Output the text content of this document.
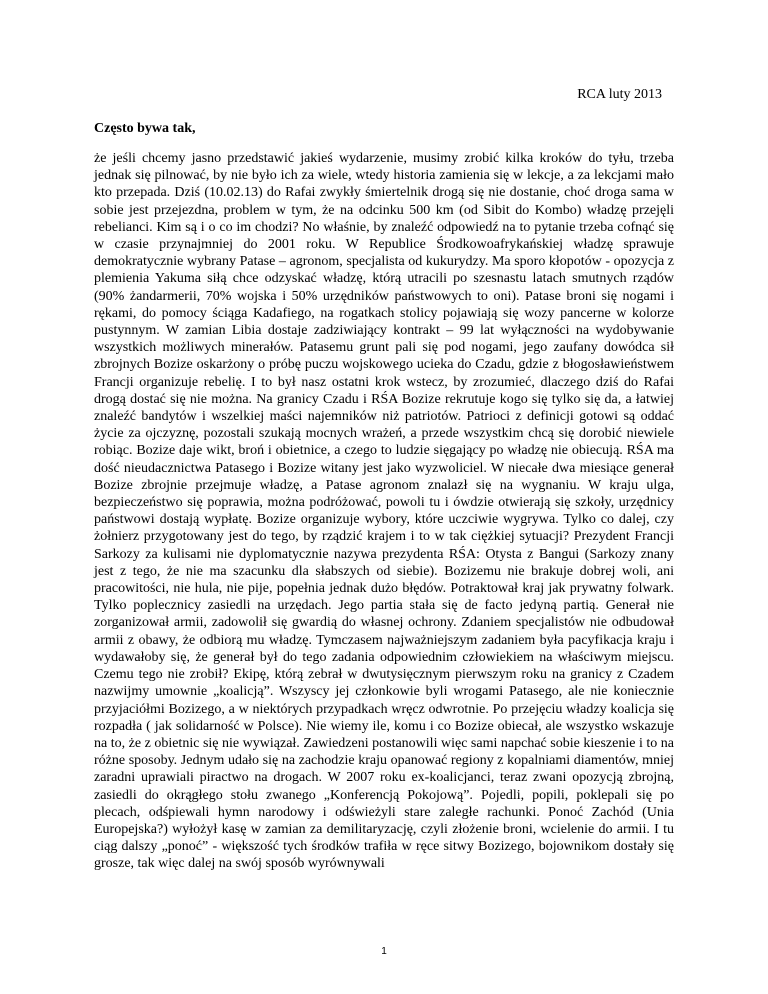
RCA luty 2013
Często bywa tak,

że jeśli chcemy jasno przedstawić jakieś wydarzenie, musimy zrobić kilka kroków do tyłu, trzeba jednak się pilnować, by nie było ich za wiele, wtedy historia zamienia się w lekcje, a za lekcjami mało kto przepada. Dziś (10.02.13) do Rafai zwykły śmiertelnik drogą się nie dostanie, choć droga sama w sobie jest przejezdna, problem w tym, że na odcinku 500 km (od Sibit do Kombo) władzę przejęli rebelianci. Kim są i o co im chodzi? No właśnie, by znaleźć odpowiedź na to pytanie trzeba cofnąć się w czasie przynajmniej do 2001 roku. W Republice Środkowoafrykańskiej władzę sprawuje demokratycznie wybrany Patase – agronom, specjalista od kukurydzy. Ma sporo kłopotów - opozycja z plemienia Yakuma siłą chce odzyskać władzę, którą utracili po szesnastu latach smutnych rządów (90% żandarmerii, 70% wojska i 50% urzędników państwowych to oni). Patase broni się nogami i rękami, do pomocy ściąga Kadafiego, na rogatkach stolicy pojawiają się wozy pancerne w kolorze pustynnym. W zamian Libia dostaje zadziwiający kontrakt – 99 lat wyłączności na wydobywanie wszystkich możliwych minerałów. Patasemu grunt pali się pod nogami, jego zaufany dowódca sił zbrojnych Bozize oskarżony o próbę puczu wojskowego ucieka do Czadu, gdzie z błogosławieństwem Francji organizuje rebelię. I to był nasz ostatni krok wstecz, by zrozumieć, dlaczego dziś do Rafai drogą dostać się nie można. Na granicy Czadu i RŚA Bozize rekrutuje kogo się tylko się da, a łatwiej znaleźć bandytów i wszelkiej maści najemników niż patriotów. Patrioci z definicji gotowi są oddać życie za ojczyznę, pozostali szukają mocnych wrażeń, a przede wszystkim chcą się dorobić niewiele robiąc. Bozize daje wikt, broń i obietnice, a czego to ludzie sięgający po władzę nie obiecują. RŚA ma dość nieudacznictwa Patasego i Bozize witany jest jako wyzwoliciel. W niecałe dwa miesiące generał Bozize zbrojnie przejmuje władzę, a Patase agronom znalazł się na wygnaniu. W kraju ulga, bezpieczeństwo się poprawia, można podróżować, powoli tu i ówdzie otwierają się szkoły, urzędnicy państwowi dostają wypłatę. Bozize organizuje wybory, które uczciwie wygrywa. Tylko co dalej, czy żołnierz przygotowany jest do tego, by rządzić krajem i to w tak ciężkiej sytuacji? Prezydent Francji Sarkozy za kulisami nie dyplomatycznie nazywa prezydenta RŚA: Otysta z Bangui (Sarkozy znany jest z tego, że nie ma szacunku dla słabszych od siebie). Bozizemu nie brakuje dobrej woli, ani pracowitości, nie hula, nie pije, popełnia jednak dużo błędów. Potraktował kraj jak prywatny folwark. Tylko poplecznicy zasiedli na urzędach. Jego partia stała się de facto jedyną partią. Generał nie zorganizował armii, zadowolił się gwardią do własnej ochrony. Zdaniem specjalistów nie odbudował armii z obawy, że odbiorą mu władzę. Tymczasem najważniejszym zadaniem była pacyfikacja kraju i wydawałoby się, że generał był do tego zadania odpowiednim człowiekiem na właściwym miejscu. Czemu tego nie zrobił? Ekipę, którą zebrał w dwutysięcznym pierwszym roku na granicy z Czadem nazwijmy umownie „koalicją”. Wszyscy jej członkowie byli wrogami Patasego, ale nie koniecznie przyjaciółmi Bozizego, a w niektórych przypadkach wręcz odwrotnie. Po przejęciu władzy koalicja się rozpadła ( jak solidarność w Polsce). Nie wiemy ile, komu i co Bozize obiecał, ale wszystko wskazuje na to, że z obietnic się nie wywiązał. Zawiedzeni postanowili więc sami napchać sobie kieszenie i to na różne sposoby. Jednym udało się na zachodzie kraju opanować regiony z kopalniami diamentów, mniej zaradni uprawiali piractwo na drogach. W 2007 roku ex-koalicjanci, teraz zwani opozycją zbrojną, zasiedli do okrągłego stołu zwanego „Konferencją Pokojową”. Pojedli, popili, poklepali się po plecach, odśpiewali hymn narodowy i odświeżyli stare zaległe rachunki. Ponoć Zachód (Unia Europejska?) wyłożył kasę w zamian za demilitaryzację, czyli złożenie broni, wcielenie do armii. I tu ciąg dalszy „ponoć” - większość tych środków trafiła w ręce sitwy Bozizego, bojownikom dostały się grosze, tak więc dalej na swój sposób wyrównywali

1
